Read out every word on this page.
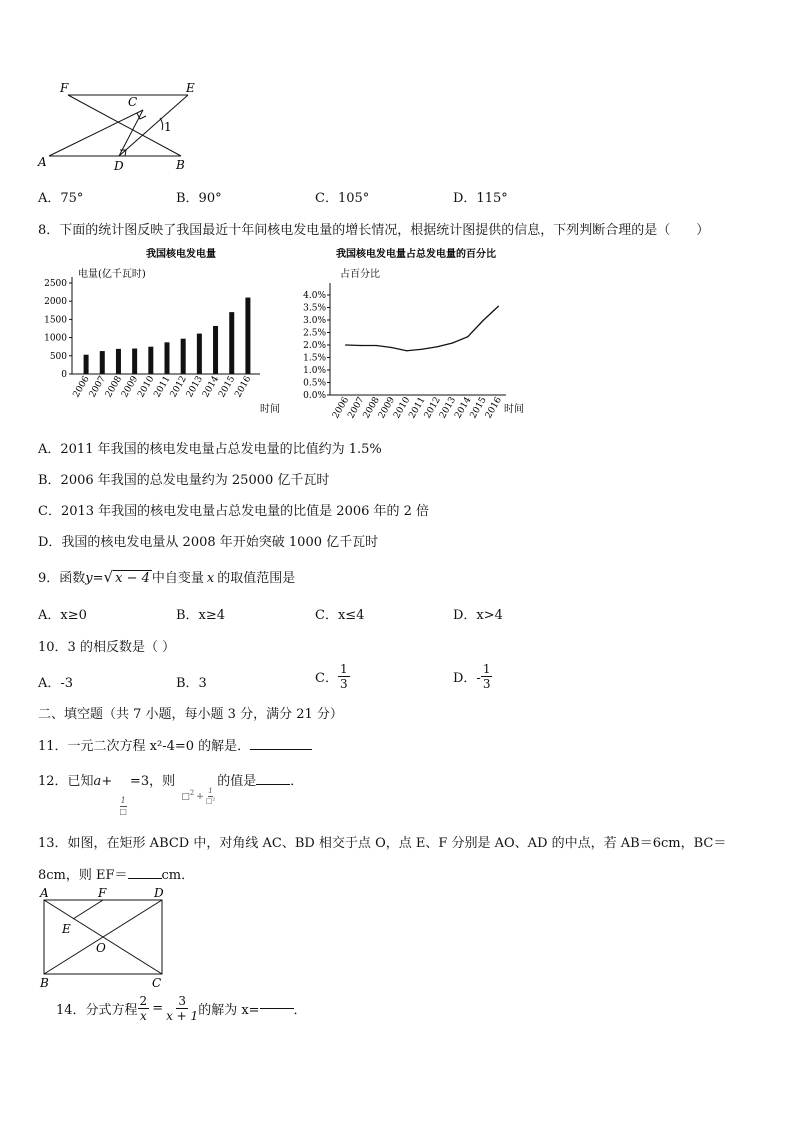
F	E
C
1
A	D	B
A．75°	B．90°	C．105°	D．115°
8．下面的统计图反映了我国最近十年间核电发电量的增长情况，根据统计图提供的信息，下列判断合理的是（　　）
我国核电发电量
电量(亿千瓦时)
0
500
1000
1500
2000
2500
2006
2007
2008
2009
2010
2011
2012
2013
2014
2015
2016
时间
我国核电发电量占总发电量的百分比
占百分比
0.0%
0.5%
1.0%
1.5%
2.0%
2.5%
3.0%
3.5%
4.0%
2006
2007
2008
2009
2010
2011
2012
2013
2014
2015
2016 时间
A．2011 年我国的核电发电量占总发电量的比值约为 1.5%
B．2006 年我国的总发电量约为 25000 亿千瓦时
C．2013 年我国的核电发电量占总发电量的比值是 2006 年的 2 倍
D．我国的核电发电量从 2008 年开始突破 1000 亿千瓦时
9．函数y=√ x − 4 中自变量 x 的取值范围是
A．x≥0	B．x≥4	C．x≤4	D．x>4
10．3 的相反数是（ ）
A．-3	B．3	C． $\frac{1}{3}$	D．- $\frac{1}{3}$
二、填空题（共 7 小题，每小题 3 分，满分 21 分）
11．一元二次方程 x²-4=0 的解是．
12．已知a+
1
□
=3，则 □$^2$ +
1
□²
的值是	．
13．如图，在矩形 ABCD 中，对角线 AC、BD 相交于点 O，点 E、F 分别是 AO、AD 的中点，若 AB＝6cm，BC＝
8cm，则 EF＝	cm．
A	F	D
E
O
B	C
14．分式方程 $\frac{2}{x} = \frac{3}{x + 1}$ 的解为 x=	．
